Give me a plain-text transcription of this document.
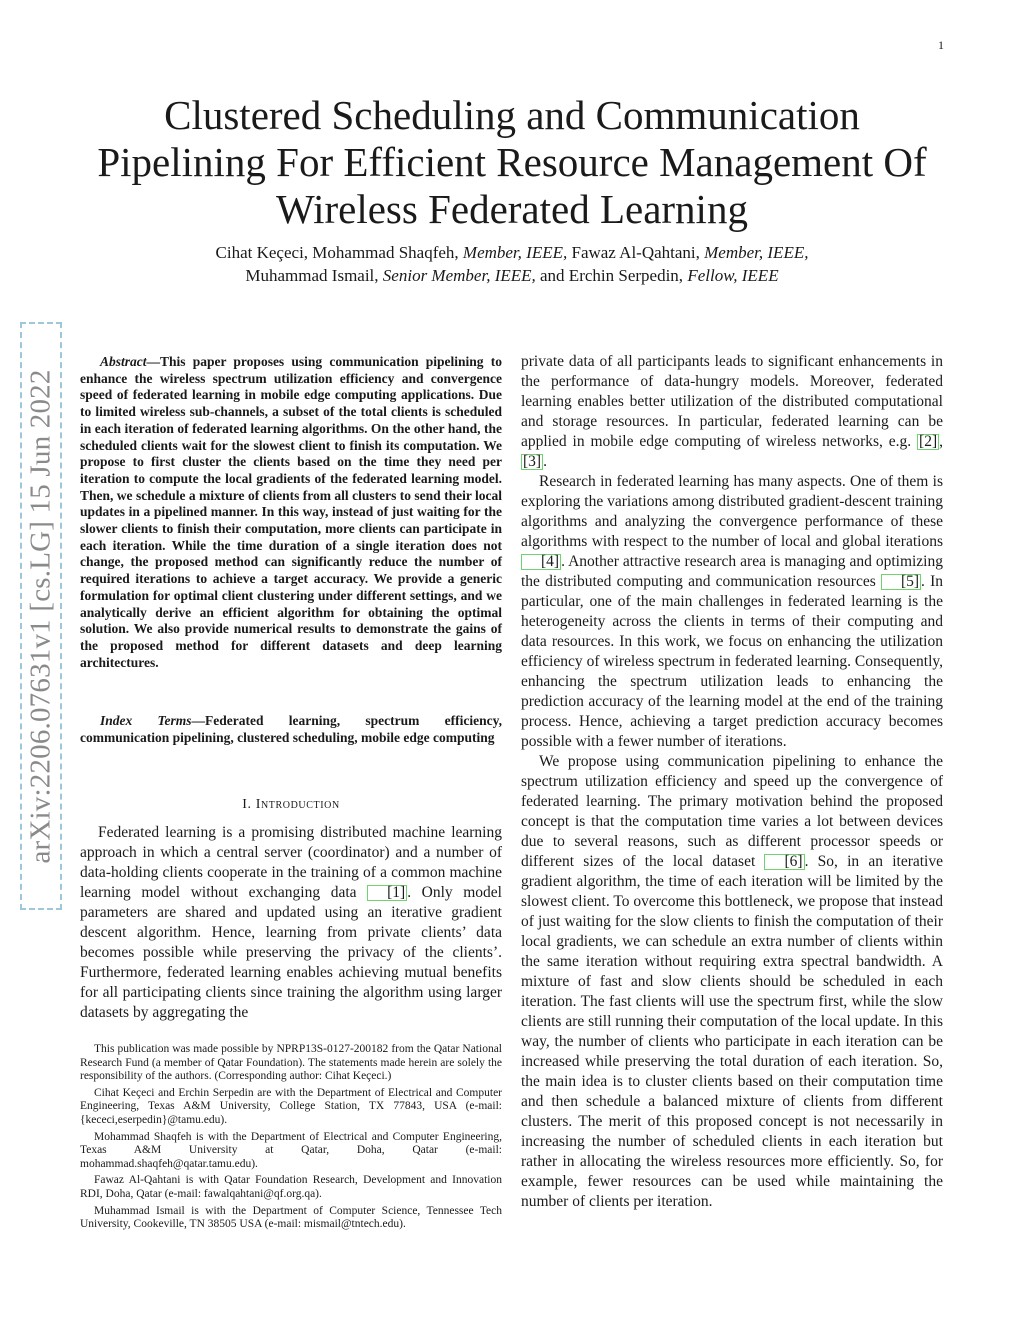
1
arXiv:2206.07631v1 [cs.LG] 15 Jun 2022
Clustered Scheduling and Communication Pipelining For Efficient Resource Management Of Wireless Federated Learning
Cihat Keçeci, Mohammad Shaqfeh, Member, IEEE, Fawaz Al-Qahtani, Member, IEEE,
Muhammad Ismail, Senior Member, IEEE, and Erchin Serpedin, Fellow, IEEE

Abstract—This paper proposes using communication pipelining to enhance the wireless spectrum utilization efficiency and convergence speed of federated learning in mobile edge computing applications. Due to limited wireless sub-channels, a subset of the total clients is scheduled in each iteration of federated learning algorithms. On the other hand, the scheduled clients wait for the slowest client to finish its computation. We propose to first cluster the clients based on the time they need per iteration to compute the local gradients of the federated learning model. Then, we schedule a mixture of clients from all clusters to send their local updates in a pipelined manner. In this way, instead of just waiting for the slower clients to finish their computation, more clients can participate in each iteration. While the time duration of a single iteration does not change, the proposed method can significantly reduce the number of required iterations to achieve a target accuracy. We provide a generic formulation for optimal client clustering under different settings, and we analytically derive an efficient algorithm for obtaining the optimal solution. We also provide numerical results to demonstrate the gains of the proposed method for different datasets and deep learning architectures.

Index Terms—Federated learning, spectrum efficiency, communication pipelining, clustered scheduling, mobile edge computing

I. Introduction

Federated learning is a promising distributed machine learning approach in which a central server (coordinator) and a number of data-holding clients cooperate in the training of a common machine learning model without exchanging data [1] . Only model parameters are shared and updated using an iterative gradient descent algorithm. Hence, learning from private clients’ data becomes possible while preserving the privacy of the clients’. Furthermore, federated learning enables achieving mutual benefits for all participating clients since training the algorithm using larger datasets by aggregating the

This publication was made possible by NPRP13S-0127-200182 from the Qatar National Research Fund (a member of Qatar Foundation). The statements made herein are solely the responsibility of the authors. (Corresponding author: Cihat Keçeci.)

Cihat Keçeci and Erchin Serpedin are with the Department of Electrical and Computer Engineering, Texas A&M University, College Station, TX 77843, USA (e-mail: {kececi,eserpedin}@tamu.edu).

Mohammad Shaqfeh is with the Department of Electrical and Computer Engineering, Texas A&M University at Qatar, Doha, Qatar (e-mail: mohammad.shaqfeh@qatar.tamu.edu).

Fawaz Al-Qahtani is with Qatar Foundation Research, Development and Innovation RDI, Doha, Qatar (e-mail: fawalqahtani@qf.org.qa).

Muhammad Ismail is with the Department of Computer Science, Tennessee Tech University, Cookeville, TN 38505 USA (e-mail: mismail@tntech.edu).

private data of all participants leads to significant enhancements in the performance of data-hungry models. Moreover, federated learning enables better utilization of the distributed computational and storage resources. In particular, federated learning can be applied in mobile edge computing of wireless networks, e.g. [2] , [3] .

Research in federated learning has many aspects. One of them is exploring the variations among distributed gradient-descent training algorithms and analyzing the convergence performance of these algorithms with respect to the number of local and global iterations [4] . Another attractive research area is managing and optimizing the distributed computing and communication resources [5] . In particular, one of the main challenges in federated learning is the heterogeneity across the clients in terms of their computing and data resources. In this work, we focus on enhancing the utilization efficiency of wireless spectrum in federated learning. Consequently, enhancing the spectrum utilization leads to enhancing the prediction accuracy of the learning model at the end of the training process. Hence, achieving a target prediction accuracy becomes possible with a fewer number of iterations.

We propose using communication pipelining to enhance the spectrum utilization efficiency and speed up the convergence of federated learning. The primary motivation behind the proposed concept is that the computation time varies a lot between devices due to several reasons, such as different processor speeds or different sizes of the local dataset [6] . So, in an iterative gradient algorithm, the time of each iteration will be limited by the slowest client. To overcome this bottleneck, we propose that instead of just waiting for the slow clients to finish the computation of their local gradients, we can schedule an extra number of clients within the same iteration without requiring extra spectral bandwidth. A mixture of fast and slow clients should be scheduled in each iteration. The fast clients will use the spectrum first, while the slow clients are still running their computation of the local update. In this way, the number of clients who participate in each iteration can be increased while preserving the total duration of each iteration. So, the main idea is to cluster clients based on their computation time and then schedule a balanced mixture of clients from different clusters. The merit of this proposed concept is not necessarily in increasing the number of scheduled clients in each iteration but rather in allocating the wireless resources more efficiently. So, for example, fewer resources can be used while maintaining the number of clients per iteration.
